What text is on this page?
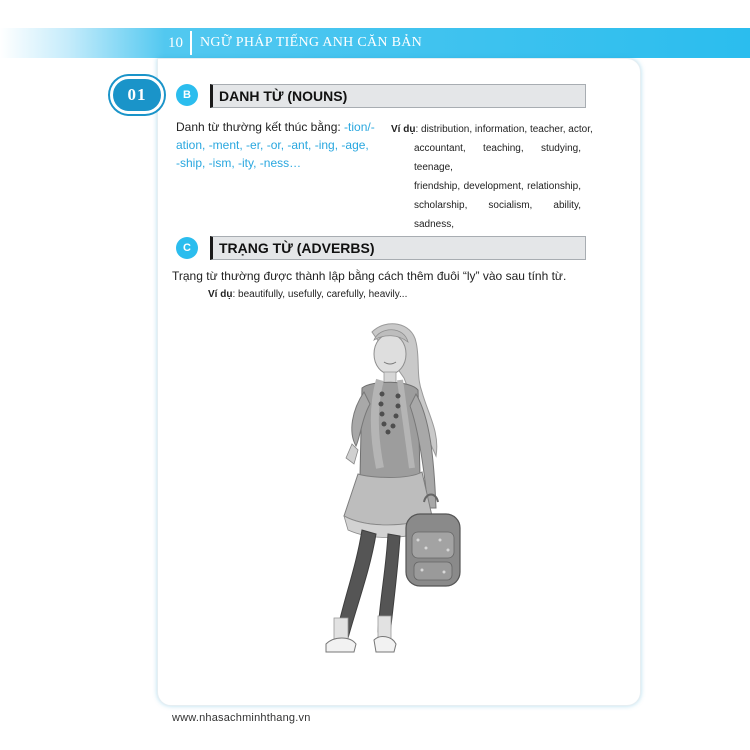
10	NGỮ PHÁP TIẾNG ANH CĂN BẢN
01	B	DANH TỪ (NOUNS)
Danh từ thường kết thúc bằng: -tion/-
ation, -ment, -er, -or, -ant, -ing, -age,
-ship, -ism, -ity, -ness…
Ví dụ: distribution, information, teacher, actor,
accountant, teaching, studying, teenage,
friendship, development, relationship,
scholarship, socialism, ability, sadness,
C	TRẠNG TỪ (ADVERBS)
Trạng từ thường được thành lập bằng cách thêm đuôi “ly” vào sau tính từ.
Ví dụ: beautifully, usefully, carefully, heavily...
www.nhasachminhthang.vn
